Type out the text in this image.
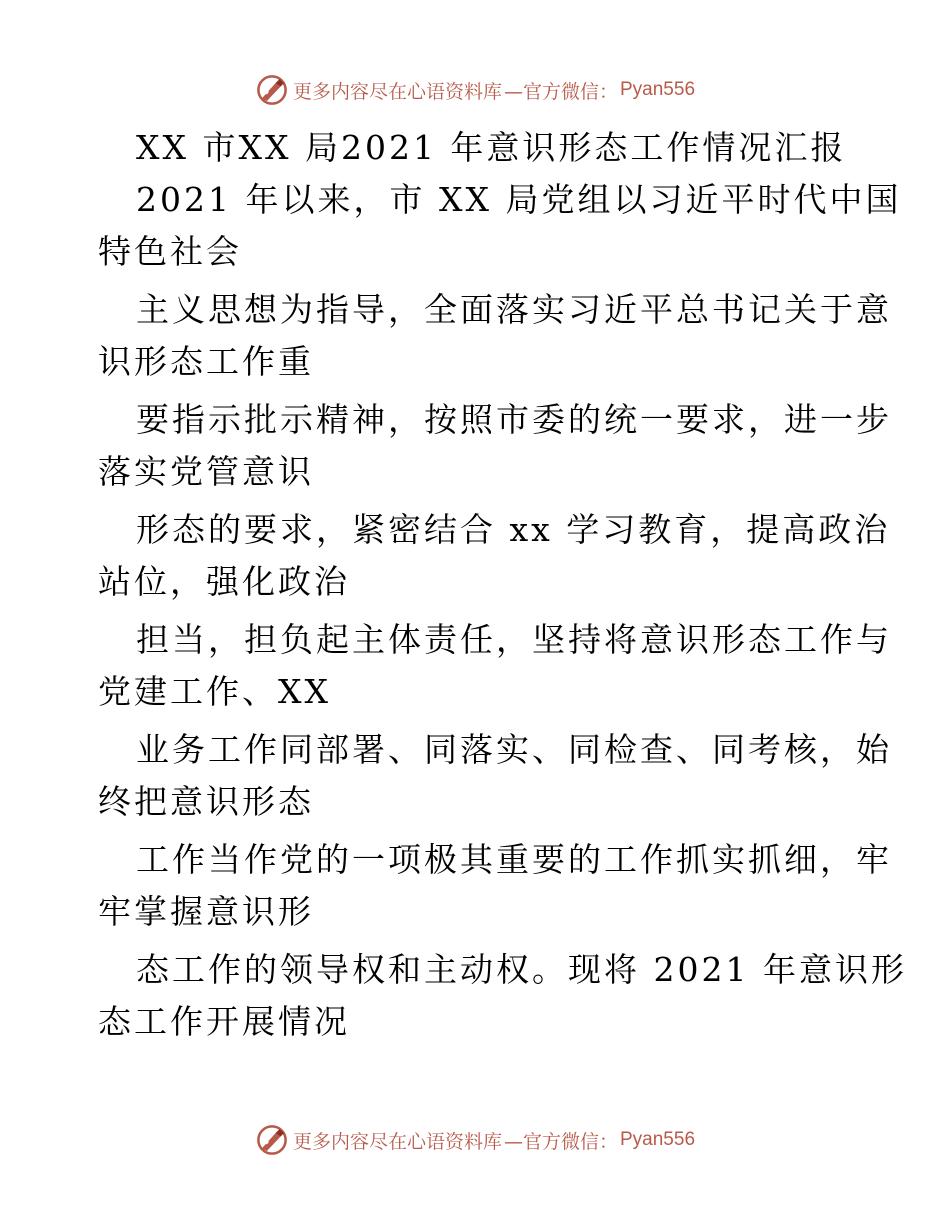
更多内容尽在心语资料库 —官方微信： Pyan556
XX 市XX 局2021 年意识形态工作情况汇报
2021 年以来，市 XX 局党组以习近平时代中国
特色社会
主义思想为指导，全面落实习近平总书记关于意
识形态工作重
要指示批示精神，按照市委的统一要求，进一步
落实党管意识
形态的要求，紧密结合 xx 学习教育，提高政治
站位，强化政治
担当，担负起主体责任，坚持将意识形态工作与
党建工作、XX
业务工作同部署、同落实、同检查、同考核，始
终把意识形态
工作当作党的一项极其重要的工作抓实抓细，牢
牢掌握意识形
态工作的领导权和主动权。现将 2021 年意识形
态工作开展情况
更多内容尽在心语资料库 —官方微信： Pyan556
